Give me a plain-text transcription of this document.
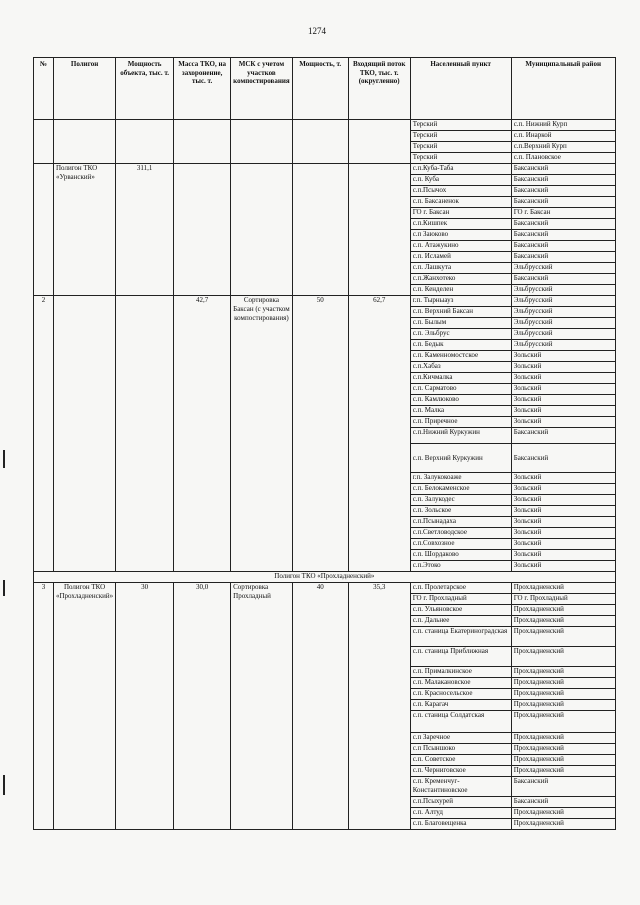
1274
№	Полигон	Мощность объекта, тыс. т.	Масса ТКО, на захоронение, тыс. т.	МСК с учетом участков компостирования	Мощность, т.	Входящий поток ТКО, тыс. т. (округленно)	Населенный пункт	Муниципальный район
							Терский	с.п. Нижний Курп
							Терский	с.п. Инаркой
							Терский	с.п.Верхний Курп
							Терский	с.п. Плановское
	Полигон ТКО «Урванский»	311,1					с.п.Куба-Таба	Баксанский
							с.п. Куба	Баксанский
							с.п.Псычох	Баксанский
							с.п. Баксаненок	Баксанский
							ГО г. Баксан	ГО г. Баксан
							с.п.Кишпек	Баксанский
							с.п Заюково	Баксанский
							с.п. Атажукино	Баксанский
							с.п. Исламей	Баксанский
							с.п. Лашкута	Эльбрусский
							с.п.Жанхотеко	Баксанский
							с.п. Кенделен	Эльбрусский
2			42,7	Сортировка Баксан (с участком компостирования)	50	62,7	г.п. Тырныауз	Эльбрусский
							с.п. Верхний Баксан	Эльбрусский
							с.п. Былым	Эльбрусский
							с.п. Эльбрус	Эльбрусский
							с.п. Бедык	Эльбрусский
							с.п. Каменномостское	Зольский
							с.п.Хабаз	Зольский
							с.п.Кичмалка	Зольский
							с.п. Сарматово	Зольский
							с.п. Камлюково	Зольский
							с.п. Малка	Зольский
							с.п. Приречное	Зольский
							с.п.Нижний Куркужин	Баксанский
							с.п. Верхний Куркужин	Баксанский
							г.п. Залукокоаже	Зольский
							с.п. Белокаменское	Зольский
							с.п. Залукодес	Зольский
							с.п. Зольское	Зольский
							с.п.Псынадаха	Зольский
							с.п.Светловодское	Зольский
							с.п.Совхозное	Зольский
							с.п. Шордаково	Зольский
							с.п.Этоко	Зольский
Полигон ТКО «Прохладненский»								
3	Полигон ТКО «Прохладненский»	30	30,0	Сортировка Прохладный	40	35,3	с.п. Пролетарское	Прохладненский
							ГО г. Прохладный	ГО г. Прохладный
							с.п. Ульяновское	Прохладненский
							с.п. Дальнее	Прохладненский
							с.п. станица Екатериноградская	Прохладненский
							с.п. станица Приближная	Прохладненский
							с.п. Прималкинское	Прохладненский
							с.п. Малакановское	Прохладненский
							с.п. Красносельское	Прохладненский
							с.п. Карагач	Прохладненский
							с.п. станица Солдатская	Прохладненский
							с.п Заречное	Прохладненский
							с.п Псыншоко	Прохладненский
							с.п. Советское	Прохладненский
							с.п. Черниговское	Прохладненский
							с.п. Кременчуг-Константиновское	Баксанский
							с.п.Псыхурей	Баксанский
							с.п. Алтуд	Прохладненский
							с.п. Благовещенка	Прохладненский
